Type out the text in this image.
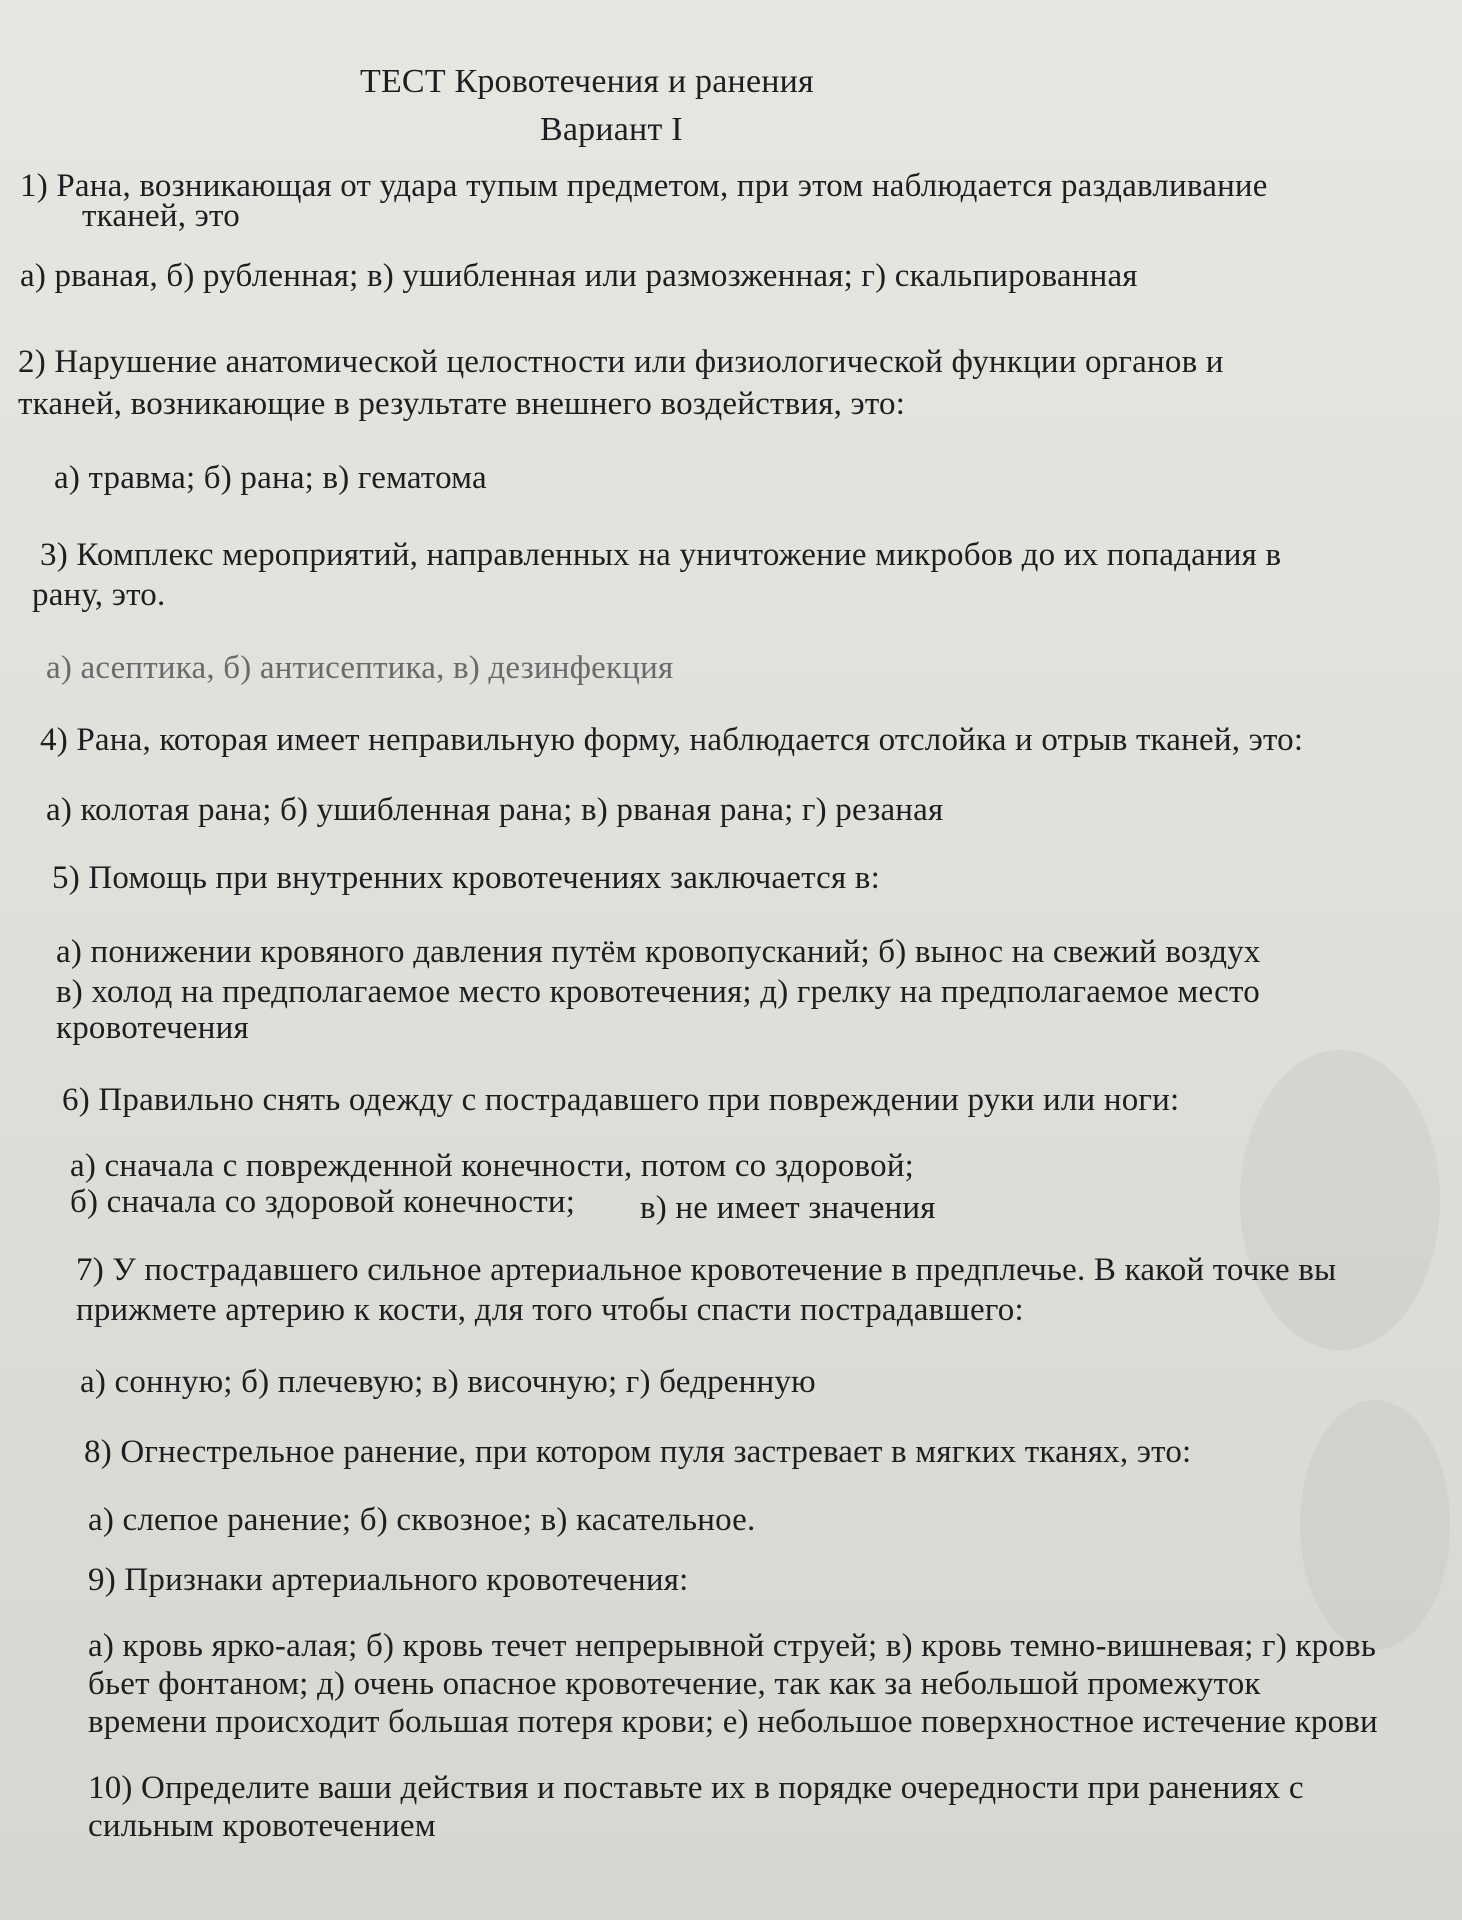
ТЕСТ Кровотечения и ранения
Вариант I
1) Рана, возникающая от удара тупым предметом, при этом наблюдается раздавливание
тканей, это
а) рваная, б) рубленная; в) ушибленная или размозженная; г) скальпированная
2) Нарушение анатомической целостности или физиологической функции органов и
тканей, возникающие в результате внешнего воздействия, это:
а) травма; б) рана; в) гематома
3) Комплекс мероприятий, направленных на уничтожение микробов до их попадания в
рану, это.
а) асептика, б) антисептика, в) дезинфекция
4) Рана, которая имеет неправильную форму, наблюдается отслойка и отрыв тканей, это:
а) колотая рана; б) ушибленная рана; в) рваная рана; г) резаная
5) Помощь при внутренних кровотечениях заключается в:
а) понижении кровяного давления путём кровопусканий; б) вынос на свежий воздух
в) холод на предполагаемое место кровотечения; д) грелку на предполагаемое место
кровотечения
6) Правильно снять одежду с пострадавшего при повреждении руки или ноги:
а) сначала с поврежденной конечности, потом со здоровой;
б) сначала со здоровой конечности; в) не имеет значения
7) У пострадавшего сильное артериальное кровотечение в предплечье. В какой точке вы
прижмете артерию к кости, для того чтобы спасти пострадавшего:
а) сонную; б) плечевую; в) височную; г) бедренную
8) Огнестрельное ранение, при котором пуля застревает в мягких тканях, это:
а) слепое ранение; б) сквозное; в) касательное.
9) Признаки артериального кровотечения:
а) кровь ярко-алая; б) кровь течет непрерывной струей; в) кровь темно-вишневая; г) кровь
бьет фонтаном; д) очень опасное кровотечение, так как за небольшой промежуток
времени происходит большая потеря крови; е) небольшое поверхностное истечение крови
10) Определите ваши действия и поставьте их в порядке очередности при ранениях с
сильным кровотечением
